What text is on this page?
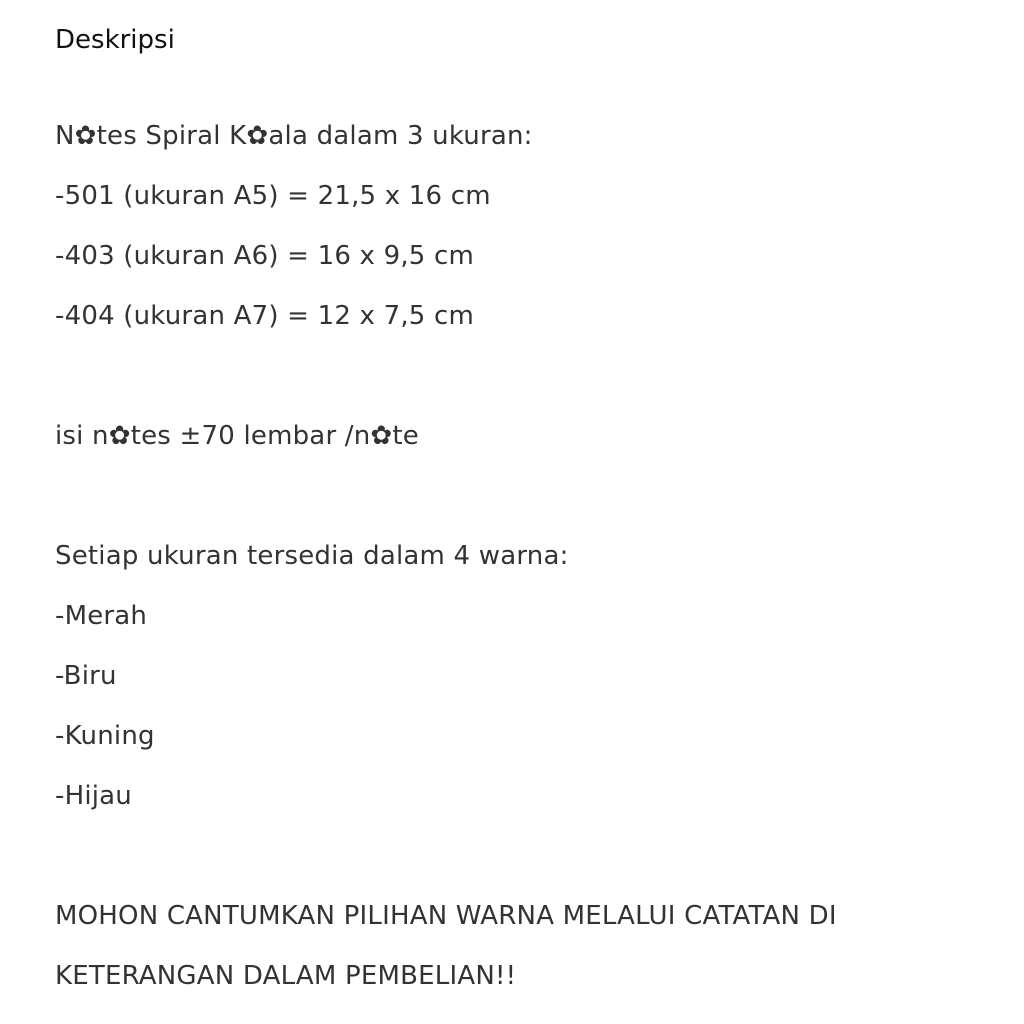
Deskripsi
N✿tes Spiral K✿ala dalam 3 ukuran:
-501 (ukuran A5) = 21,5 x 16 cm
-403 (ukuran A6) = 16 x 9,5 cm
-404 (ukuran A7) = 12 x 7,5 cm
isi n✿tes ±70 lembar /n✿te
Setiap ukuran tersedia dalam 4 warna:
-Merah
-Biru
-Kuning
-Hijau
MOHON CANTUMKAN PILIHAN WARNA MELALUI CATATAN DI
KETERANGAN DALAM PEMBELIAN!!
